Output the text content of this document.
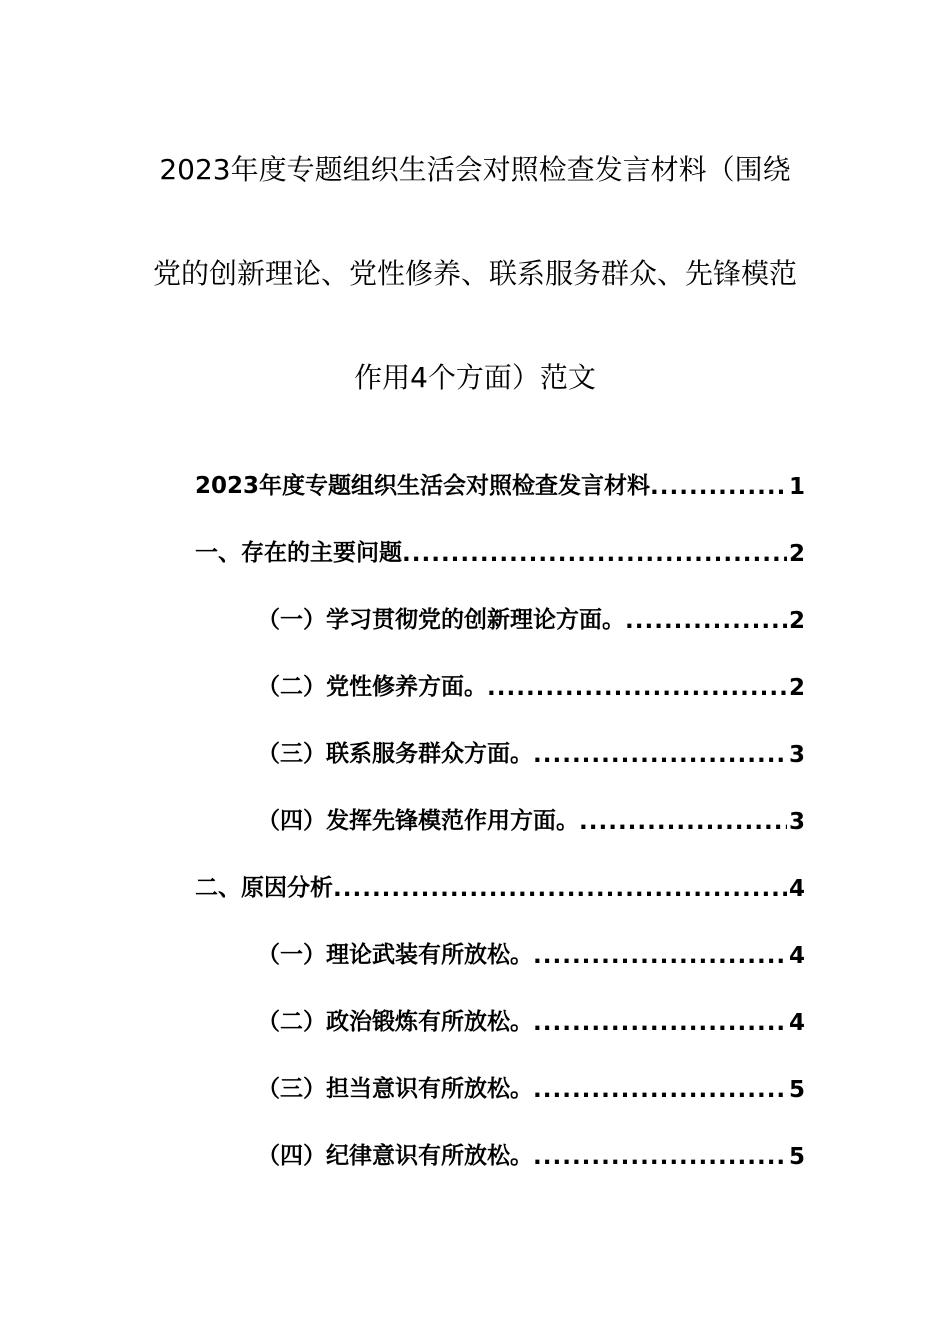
2023年度专题组织生活会对照检查发言材料（围绕
党的创新理论、党性修养、联系服务群众、先锋模范
作用4个方面）范文
2023年度专题组织生活会对照检查发言材料 .....	1
一、存在的主要问题 .....	2
（一）学习贯彻党的创新理论方面。 .....	2
（二）党性修养方面。 .....	2
（三）联系服务群众方面。 .....	3
（四）发挥先锋模范作用方面。 .....	3
二、原因分析 .....	4
（一）理论武装有所放松。 .....	4
（二）政治锻炼有所放松。 .....	4
（三）担当意识有所放松。 .....	5
（四）纪律意识有所放松。 .....	5
